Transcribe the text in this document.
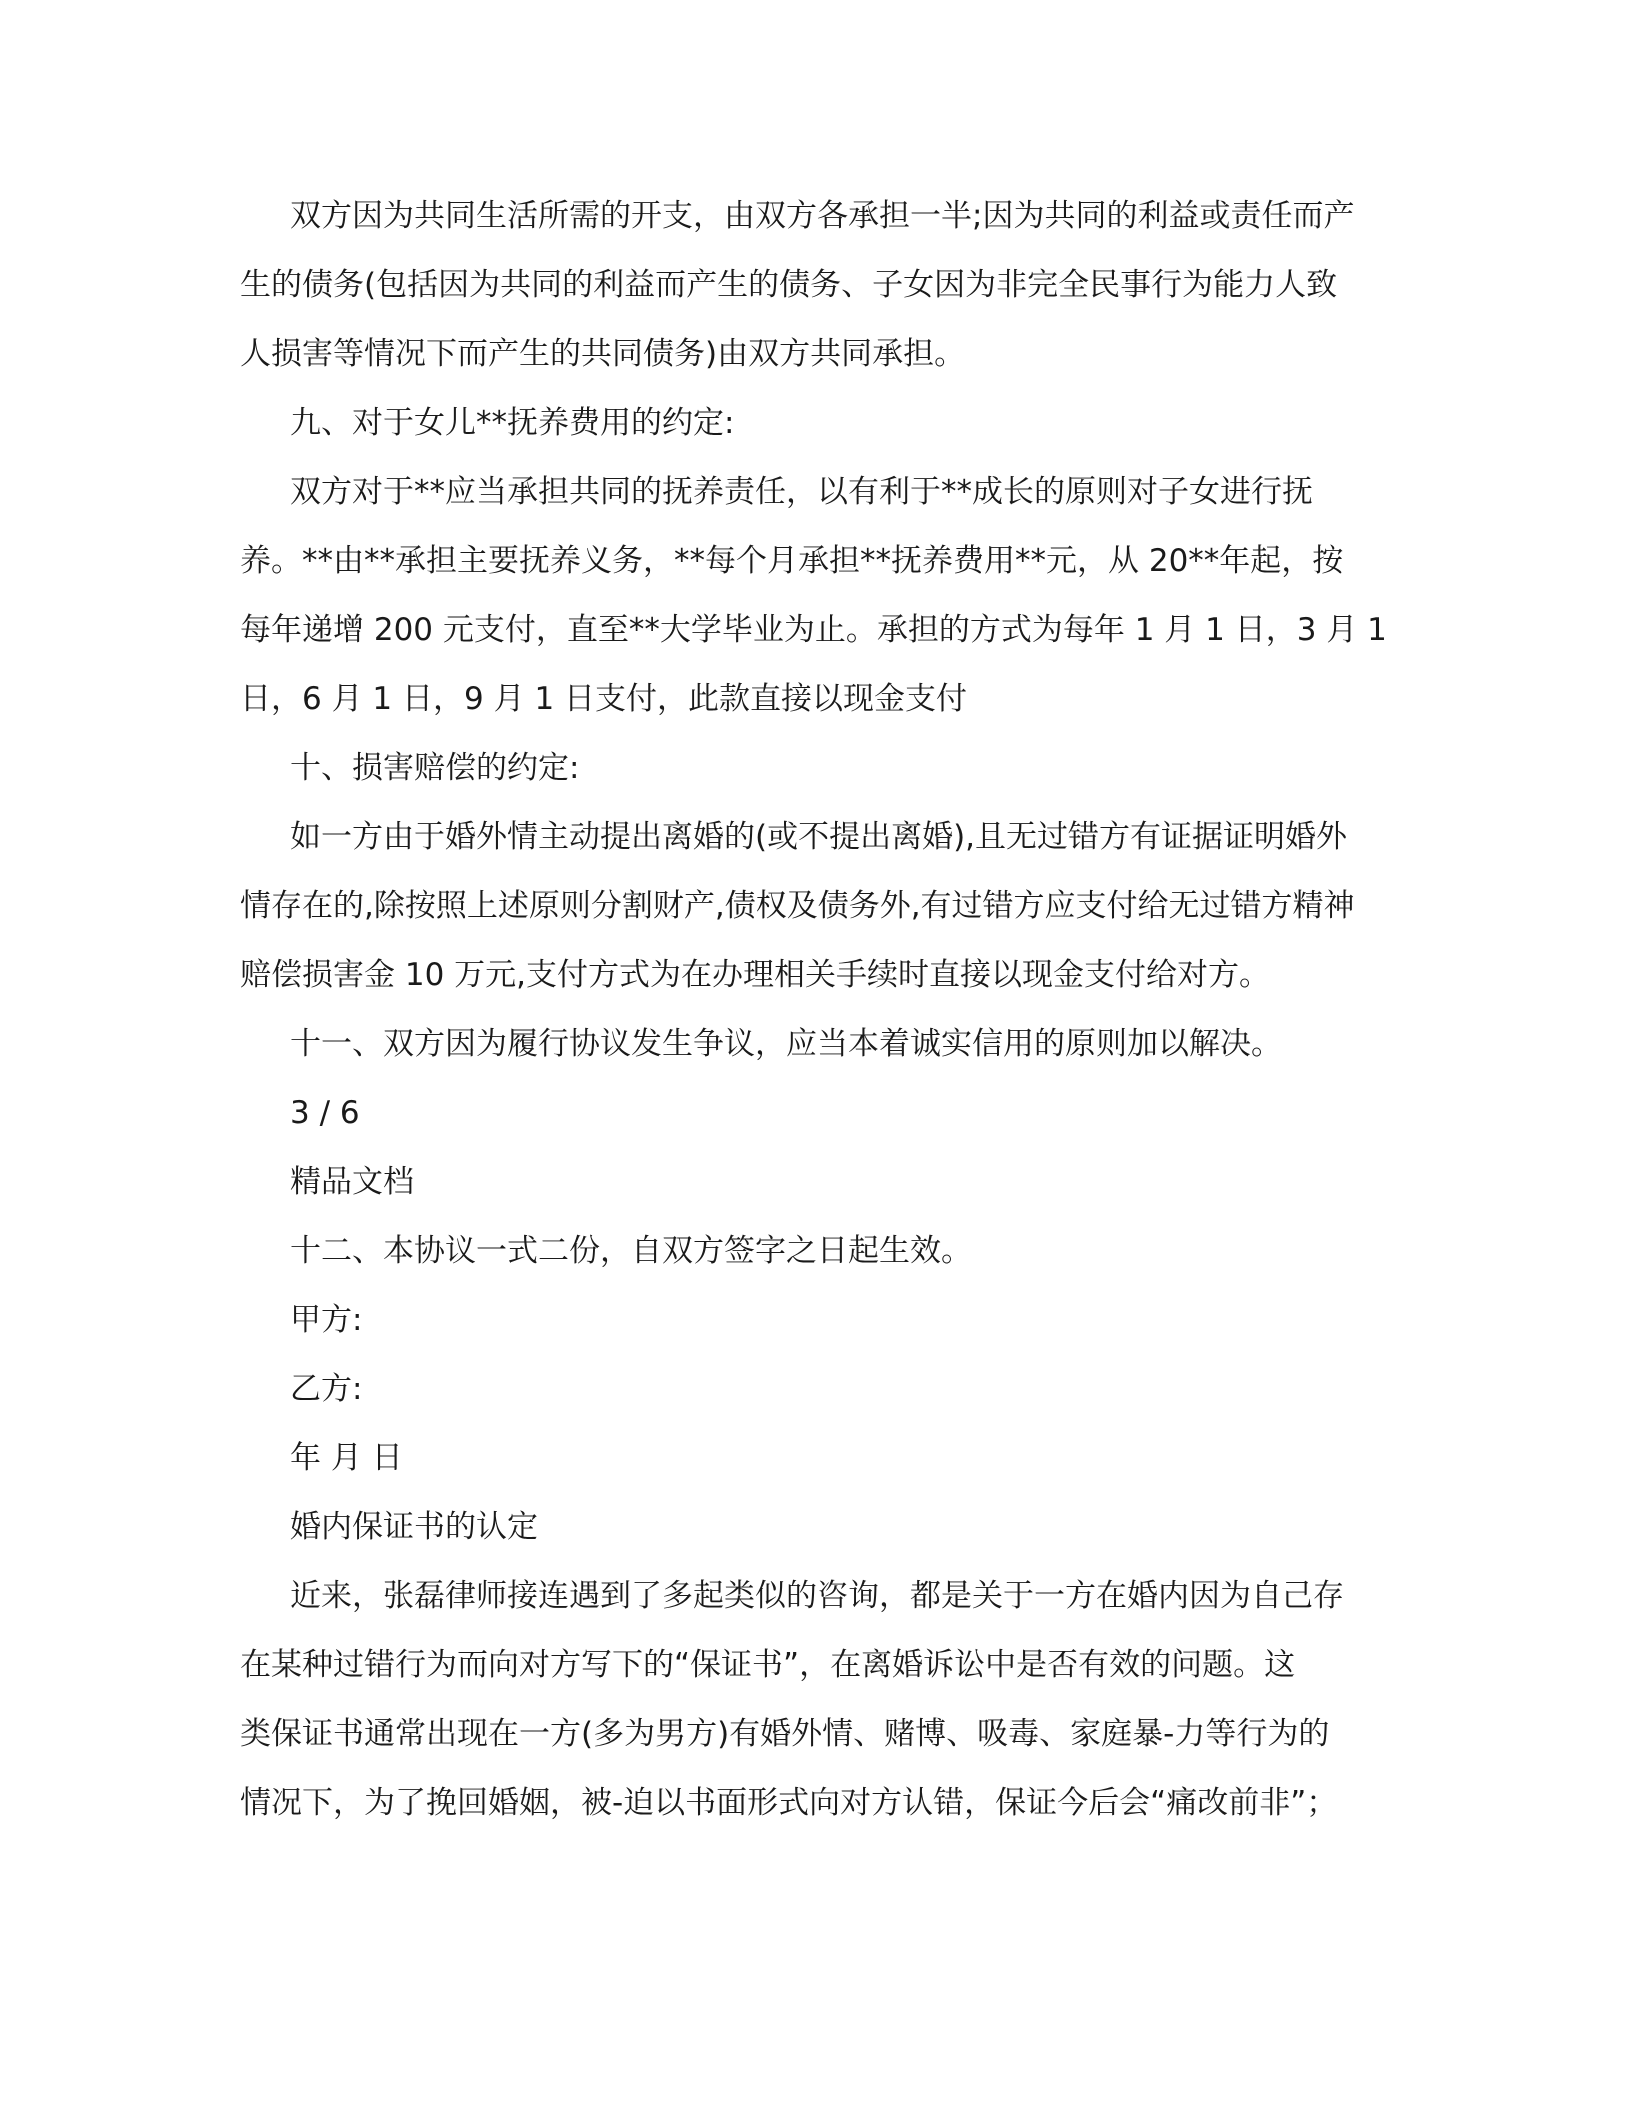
双方因为共同生活所需的开支，由双方各承担一半;因为共同的利益或责任而产
生的债务(包括因为共同的利益而产生的债务、子女因为非完全民事行为能力人致
人损害等情况下而产生的共同债务)由双方共同承担。
九、对于女儿**抚养费用的约定:
双方对于**应当承担共同的抚养责任，以有利于**成长的原则对子女进行抚
养。**由**承担主要抚养义务，**每个月承担**抚养费用**元，从 20**年起，按
每年递增 200 元支付，直至**大学毕业为止。承担的方式为每年 1 月 1 日，3 月 1
日，6 月 1 日，9 月 1 日支付，此款直接以现金支付
十、损害赔偿的约定:
如一方由于婚外情主动提出离婚的(或不提出离婚),且无过错方有证据证明婚外
情存在的,除按照上述原则分割财产,债权及债务外,有过错方应支付给无过错方精神
赔偿损害金 10 万元,支付方式为在办理相关手续时直接以现金支付给对方。
十一、双方因为履行协议发生争议，应当本着诚实信用的原则加以解决。
3 / 6
精品文档
十二、本协议一式二份，自双方签字之日起生效。
甲方:
乙方:
年 月 日
婚内保证书的认定
近来，张磊律师接连遇到了多起类似的咨询，都是关于一方在婚内因为自己存
在某种过错行为而向对方写下的“保证书”，在离婚诉讼中是否有效的问题。这
类保证书通常出现在一方(多为男方)有婚外情、赌博、吸毒、家庭暴-力等行为的
情况下，为了挽回婚姻，被-迫以书面形式向对方认错，保证今后会“痛改前非”；
